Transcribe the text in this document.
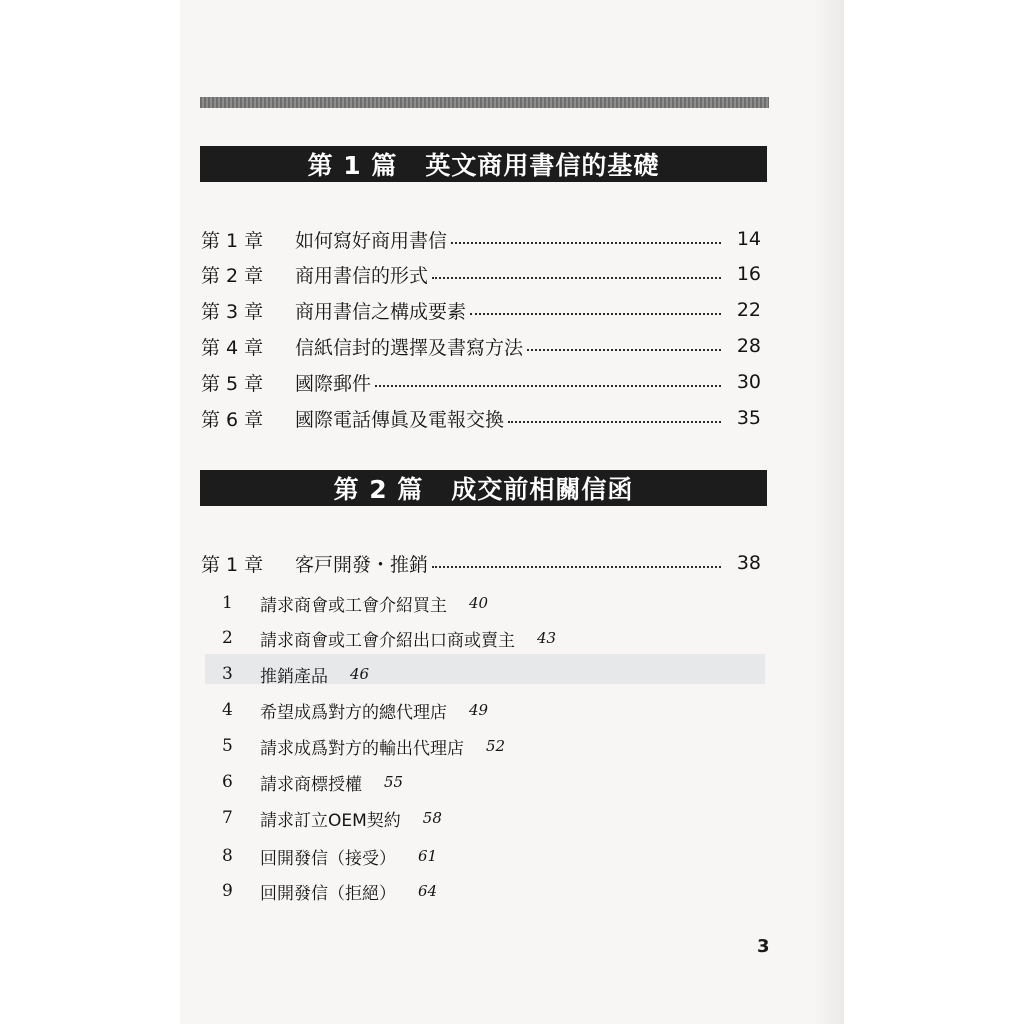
第 1 篇 英文商用書信的基礎
第 1 章	如何寫好商用書信	14
第 2 章	商用書信的形式	16
第 3 章	商用書信之構成要素	22
第 4 章	信紙信封的選擇及書寫方法	28
第 5 章	國際郵件	30
第 6 章	國際電話傳眞及電報交換	35
第 2 篇 成交前相關信函
第 1 章	客戸開發・推銷	38
1	請求商會或工會介紹買主 40
2	請求商會或工會介紹出口商或賣主 43
3	推銷產品 46
4	希望成爲對方的總代理店 49
5	請求成爲對方的輸出代理店 52
6	請求商標授權 55
7	請求訂立OEM契約 58
8	回開發信（接受） 61
9	回開發信（拒絕） 64
3
